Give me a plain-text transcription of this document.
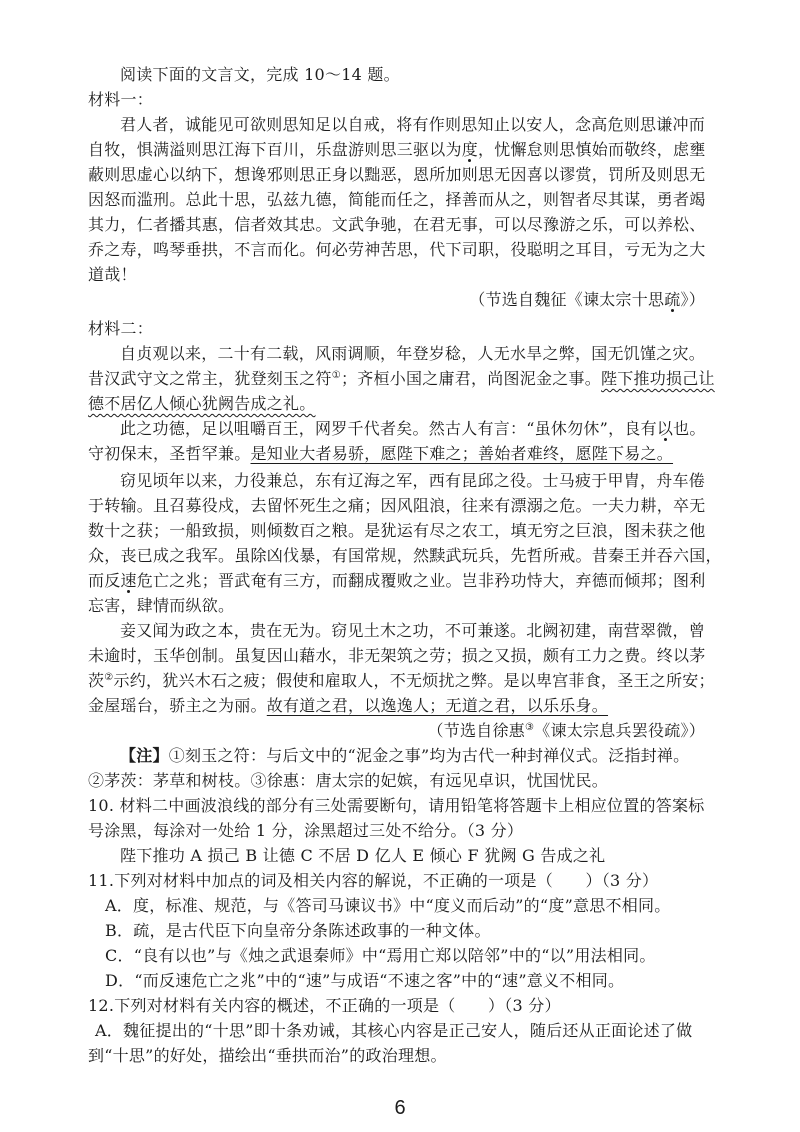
阅读下面的文言文，完成 10～14 题。
材料一：
君人者，诚能见可欲则思知足以自戒，将有作则思知止以安人，念高危则思谦冲而
自牧，惧满溢则思江海下百川，乐盘游则思三驱以为度，忧懈怠则思慎始而敬终，虑壅
蔽则思虚心以纳下，想谗邪则思正身以黜恶，恩所加则思无因喜以谬赏，罚所及则思无
因怒而滥刑。总此十思，弘兹九德，简能而任之，择善而从之，则智者尽其谋，勇者竭
其力，仁者播其惠，信者效其忠。文武争驰，在君无事，可以尽豫游之乐，可以养松、
乔之寿，鸣琴垂拱，不言而化。何必劳神苦思，代下司职，役聪明之耳目，亏无为之大
道哉！
（节选自魏征《谏太宗十思疏》）
材料二：
自贞观以来，二十有二载，风雨调顺，年登岁稔，人无水旱之弊，国无饥馑之灾。
昔汉武守文之常主，犹登刻玉之符①；齐桓小国之庸君，尚图泥金之事。陛下推功损己让
德不居亿人倾心犹阙告成之礼。
此之功德，足以咀嚼百王，网罗千代者矣。然古人有言：“虽休勿休”，良有以也。
守初保末，圣哲罕兼。是知业大者易骄，愿陛下难之；善始者难终，愿陛下易之。
窃见顷年以来，力役兼总，东有辽海之军，西有昆邱之役。士马疲于甲胄，舟车倦
于转输。且召募役戍，去留怀死生之痛；因风阻浪，往来有漂溺之危。一夫力耕，卒无
数十之获；一船致损，则倾数百之粮。是犹运有尽之农工，填无穷之巨浪，图未获之他
众，丧已成之我军。虽除凶伐暴，有国常规，然黩武玩兵，先哲所戒。昔秦王并吞六国，
而反速危亡之兆；晋武奄有三方，而翻成覆败之业。岂非矜功恃大，弃德而倾邦；图利
忘害，肆情而纵欲。
妾又闻为政之本，贵在无为。窃见土木之功，不可兼遂。北阙初建，南营翠微，曾
未逾时，玉华创制。虽复因山藉水，非无架筑之劳；损之又损，颇有工力之费。终以茅
茨②示约，犹兴木石之疲；假使和雇取人，不无烦扰之弊。是以卑宫菲食，圣王之所安；
金屋瑶台，骄主之为丽。故有道之君，以逸逸人；无道之君，以乐乐身。
（节选自徐惠③《谏太宗息兵罢役疏》）
【注】①刻玉之符：与后文中的“泥金之事”均为古代一种封禅仪式。泛指封禅。
②茅茨：茅草和树枝。③徐惠：唐太宗的妃嫔，有远见卓识，忧国忧民。
10. 材料二中画波浪线的部分有三处需要断句，请用铅笔将答题卡上相应位置的答案标
号涂黑，每涂对一处给 1 分，涂黑超过三处不给分。（3 分）
陛下推功 A 损己 B 让德 C 不居 D 亿人 E 倾心 F 犹阙 G 告成之礼
11.下列对材料中加点的词及相关内容的解说，不正确的一项是（　　）（3 分）
A．度，标准、规范，与《答司马谏议书》中“度义而后动”的“度”意思不相同。
B．疏，是古代臣下向皇帝分条陈述政事的一种文体。
C．“良有以也”与《烛之武退秦师》中“焉用亡郑以陪邻”中的“以”用法相同。
D．“而反速危亡之兆”中的“速”与成语“不速之客”中的“速”意义不相同。
12.下列对材料有关内容的概述，不正确的一项是（　　）（3 分）
A．魏征提出的“十思”即十条劝诫，其核心内容是正己安人，随后还从正面论述了做
到“十思”的好处，描绘出“垂拱而治”的政治理想。
6
